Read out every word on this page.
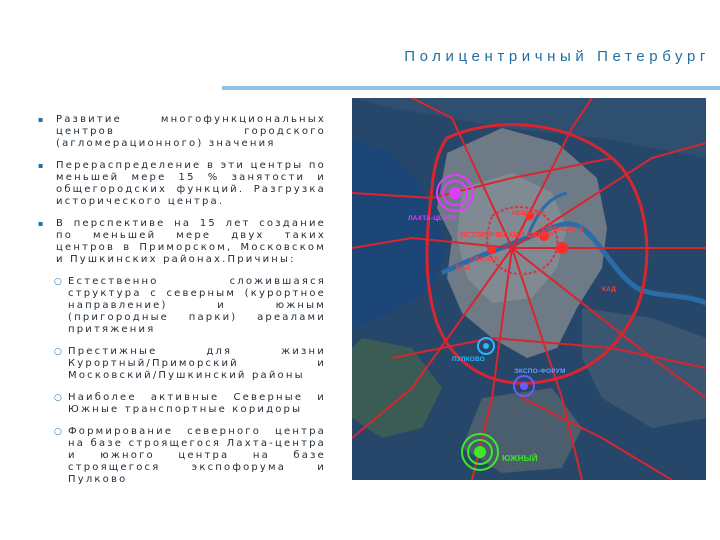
Полицентричный Петербург
▪ Развитие многофункциональных центров городского (агломерационного) значения
▪ Перераспределение в эти центры по меньшей мере 15 % занятости и общегородских функций. Разгрузка исторического центра.
▪ В перспективе на 15 лет создание по меньшей мере двух таких центров в Приморском, Московском и Пушкинских районах.Причины:
○ Естественно сложившаяся структура с северным (курортное направление) и южным (пригородные парки) ареалами притяжения
○ Престижные для жизни Курортный/Приморский и Московский/Пушкинский районы
○ Наиболее активные Северные и Южные транспортные коридоры
○ Формирование северного центра на базе строящегося Лахта-центра и южного центра на базе строящегося экспофорума и Пулково
ЛАХТА-ЦЕНТР
НЕВСКИЙ
ИСТОРИЧЕСКИЙ ЦЕНТР
СМОЛЬНЫЙ
СЕННАЯ
КАД
КАД
ПУЛКОВО
ЭКСПО-ФОРУМ
ЮЖНЫЙ
